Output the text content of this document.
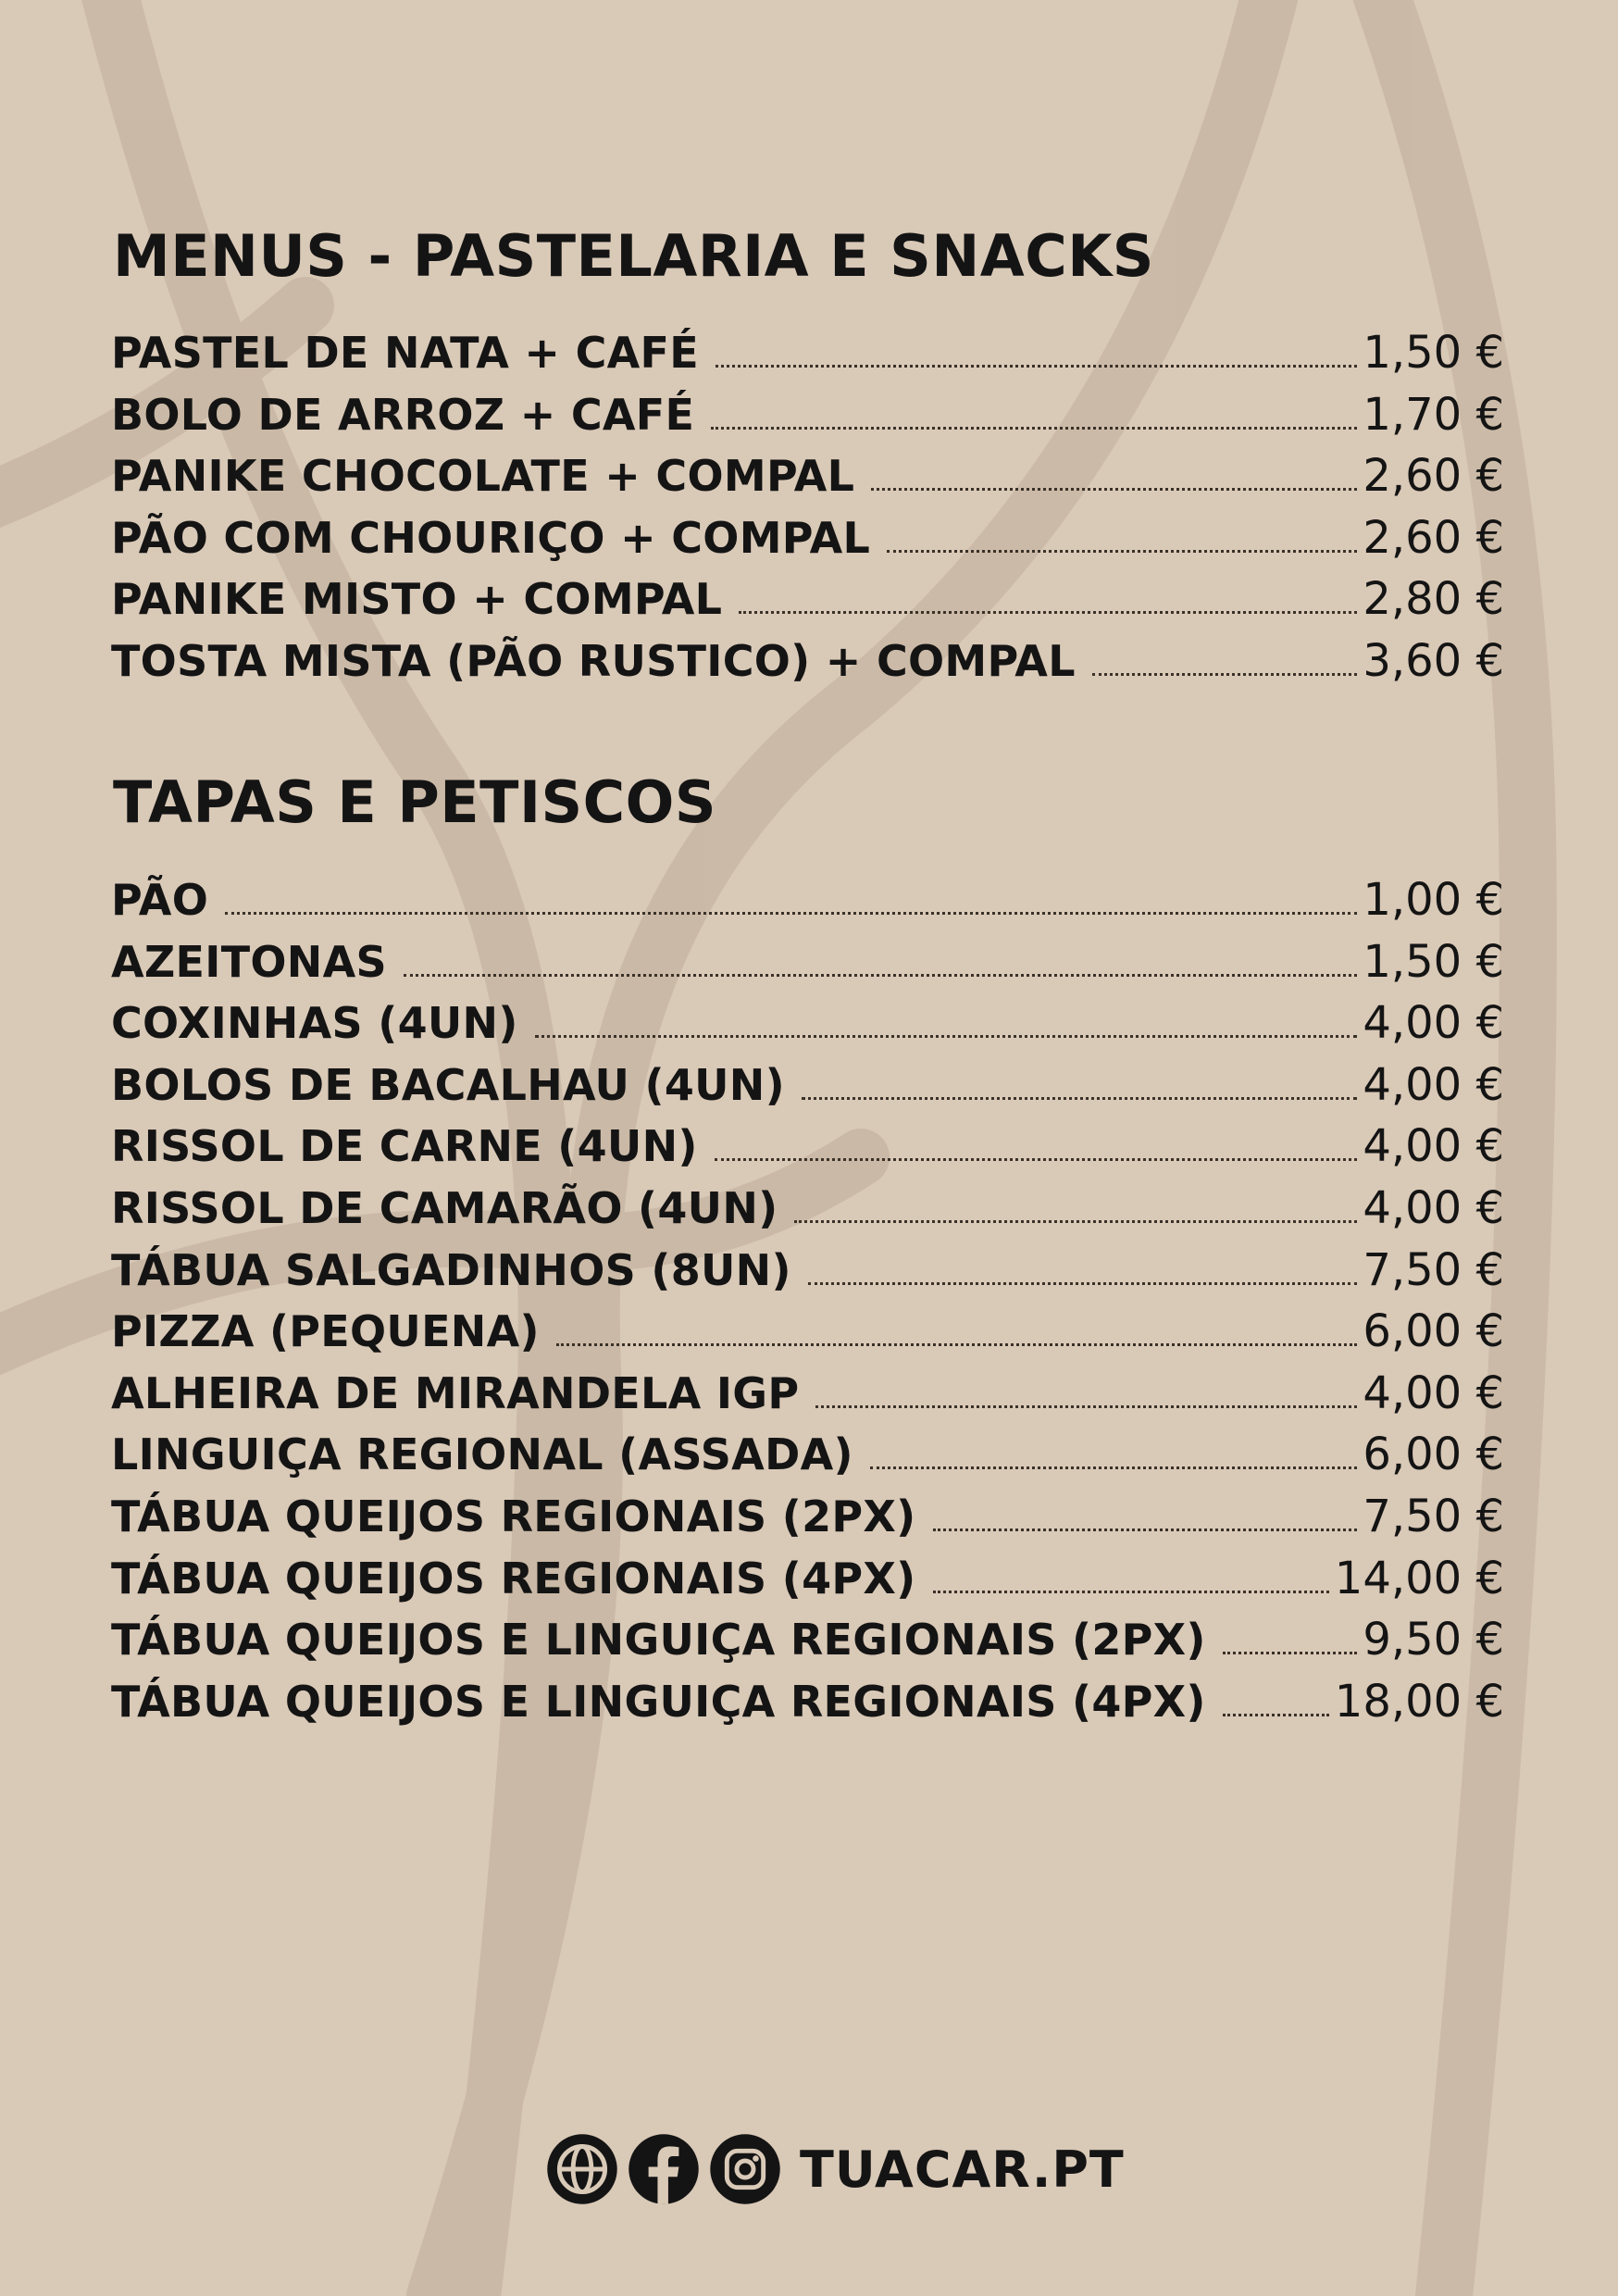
MENUS - PASTELARIA E SNACKS
PASTEL DE NATA + CAFÉ	1,50 €
BOLO DE ARROZ + CAFÉ	1,70 €
PANIKE CHOCOLATE + COMPAL	2,60 €
PÃO COM CHOURIÇO + COMPAL	2,60 €
PANIKE MISTO + COMPAL	2,80 €
TOSTA MISTA (PÃO RUSTICO) + COMPAL	3,60 €
TAPAS E PETISCOS
PÃO	1,00 €
AZEITONAS	1,50 €
COXINHAS (4UN)	4,00 €
BOLOS DE BACALHAU (4UN)	4,00 €
RISSOL DE CARNE (4UN)	4,00 €
RISSOL DE CAMARÃO (4UN)	4,00 €
TÁBUA SALGADINHOS (8UN)	7,50 €
PIZZA (PEQUENA)	6,00 €
ALHEIRA DE MIRANDELA IGP	4,00 €
LINGUIÇA REGIONAL (ASSADA)	6,00 €
TÁBUA QUEIJOS REGIONAIS (2PX)	7,50 €
TÁBUA QUEIJOS REGIONAIS (4PX)	14,00 €
TÁBUA QUEIJOS E LINGUIÇA REGIONAIS (2PX)	9,50 €
TÁBUA QUEIJOS E LINGUIÇA REGIONAIS (4PX)	18,00 €
TUACAR.PT
